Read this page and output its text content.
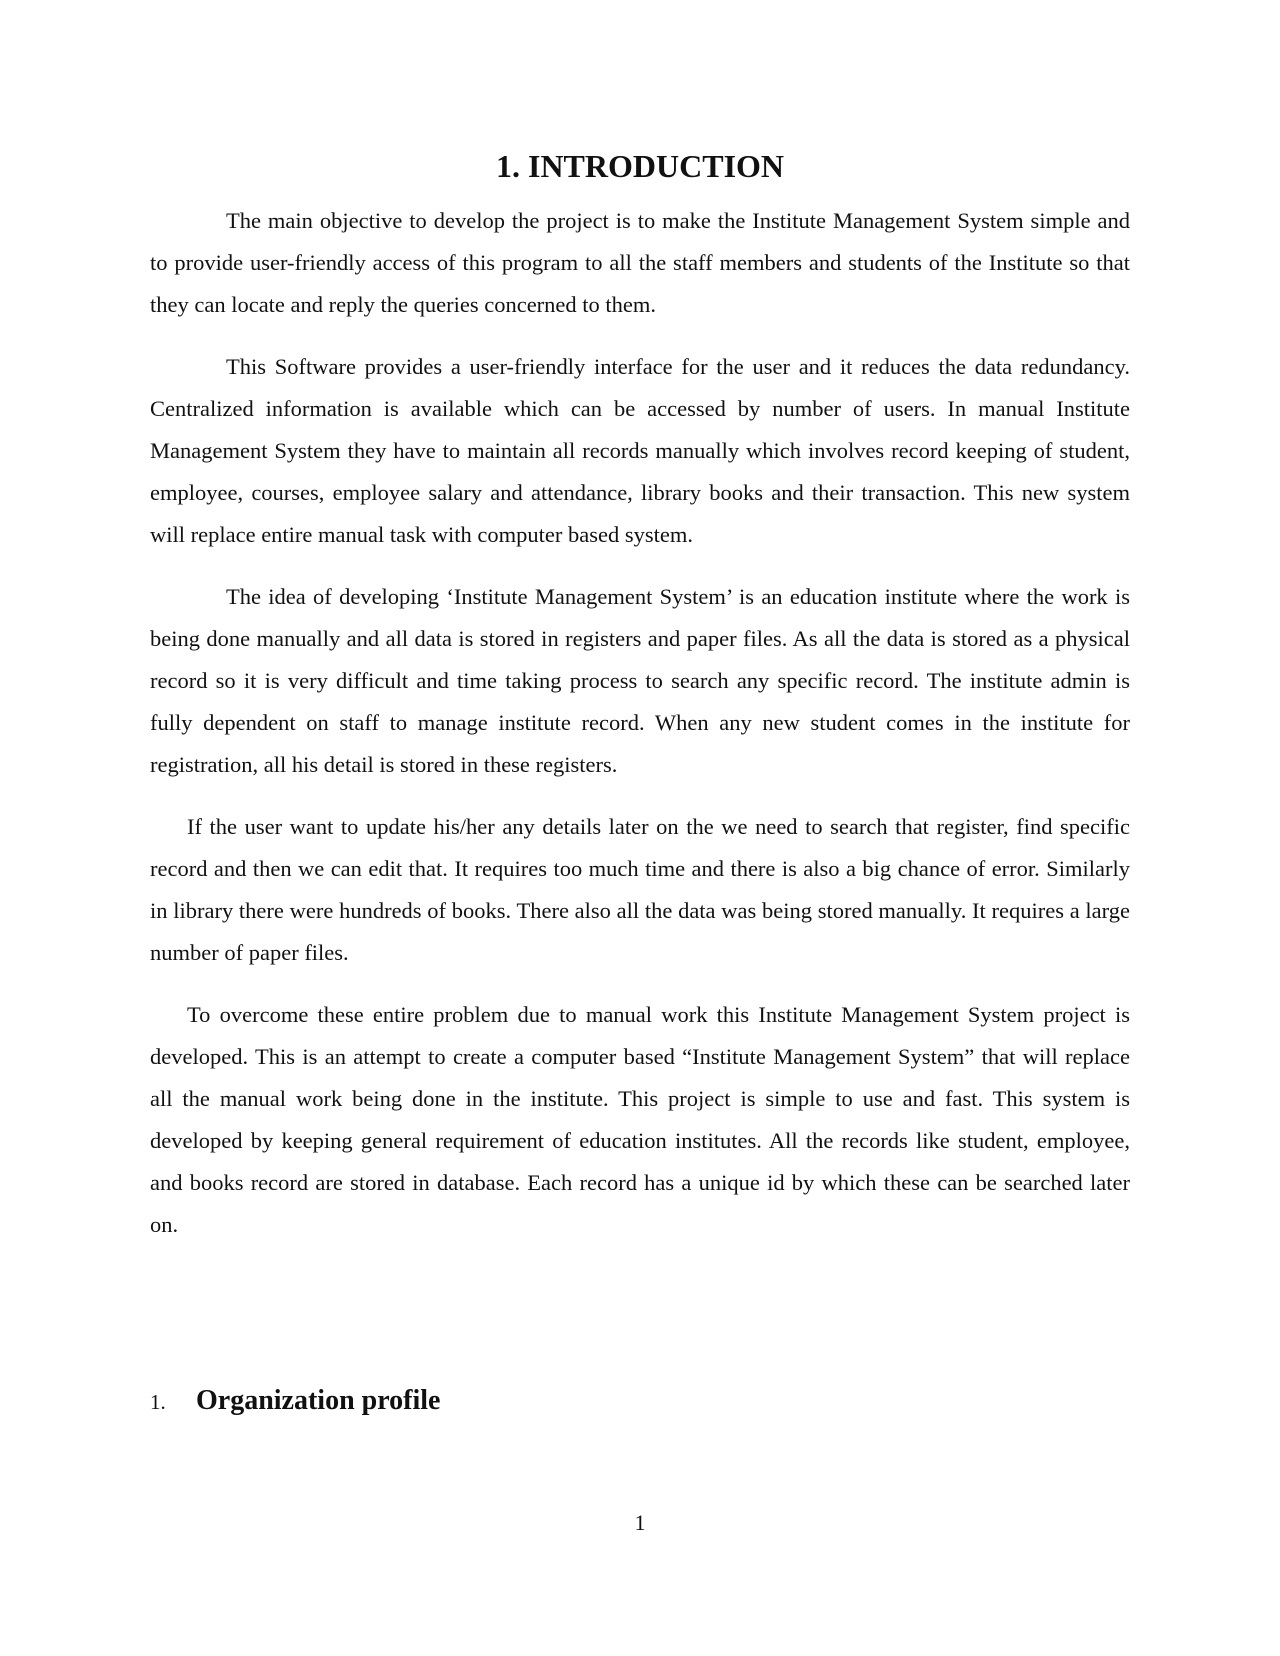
1. INTRODUCTION

The main objective to develop the project is to make the Institute Management System simple and to provide user-friendly access of this program to all the staff members and students of the Institute so that they can locate and reply the queries concerned to them.

This Software provides a user-friendly interface for the user and it reduces the data redundancy. Centralized information is available which can be accessed by number of users. In manual Institute Management System they have to maintain all records manually which involves record keeping of student, employee, courses, employee salary and attendance, library books and their transaction. This new system will replace entire manual task with computer based system.

The idea of developing ‘Institute Management System’ is an education institute where the work is being done manually and all data is stored in registers and paper files. As all the data is stored as a physical record so it is very difficult and time taking process to search any specific record. The institute admin is fully dependent on staff to manage institute record. When any new student comes in the institute for registration, all his detail is stored in these registers.

If the user want to update his/her any details later on the we need to search that register, find specific record and then we can edit that. It requires too much time and there is also a big chance of error. Similarly in library there were hundreds of books. There also all the data was being stored manually. It requires a large number of paper files.

To overcome these entire problem due to manual work this Institute Management System project is developed. This is an attempt to create a computer based “Institute Management System” that will replace all the manual work being done in the institute. This project is simple to use and fast. This system is developed by keeping general requirement of education institutes. All the records like student, employee, and books record are stored in database. Each record has a unique id by which these can be searched later on.

1.	Organization profile
1
